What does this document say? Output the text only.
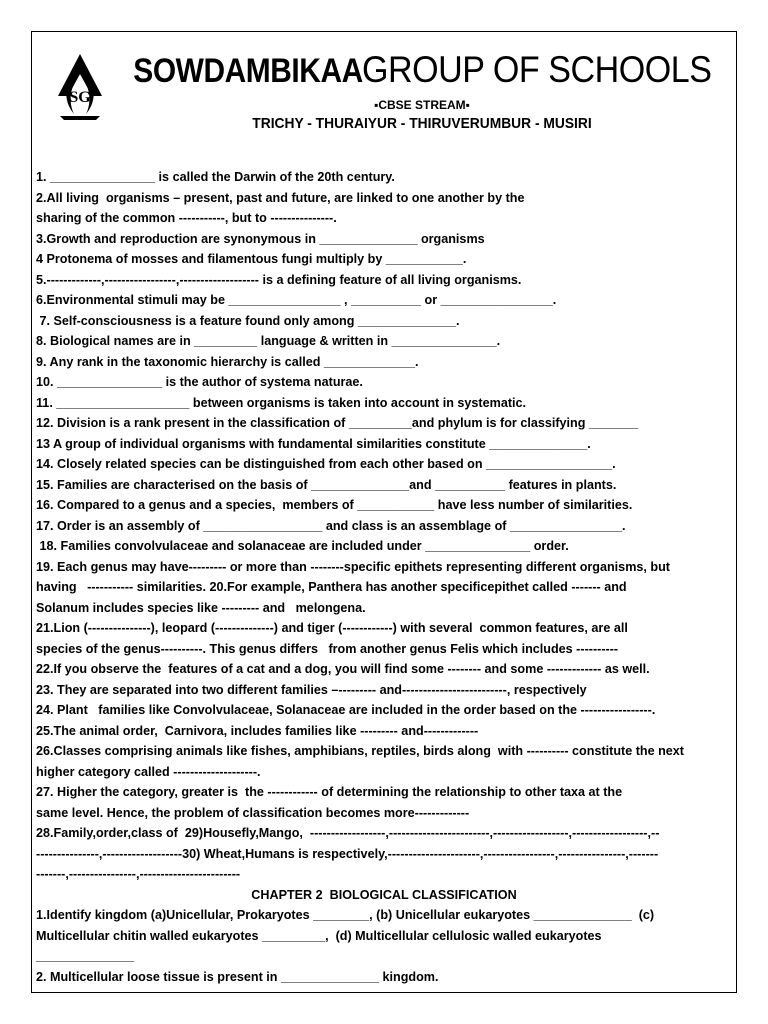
SG
SOWDAMBIKAAGROUP OF SCHOOLS
▪CBSE STREAM▪
TRICHY - THURAIYUR - THIRUVERUMBUR - MUSIRI
1. _______________ is called the Darwin of the 20th century.
2.All living  organisms – present, past and future, are linked to one another by the
sharing of the common -----------, but to ---------------.
3.Growth and reproduction are synonymous in ______________ organisms
4 Protonema of mosses and filamentous fungi multiply by ___________.
5.-------------,-----------------,------------------- is a defining feature of all living organisms.
6.Environmental stimuli may be ________________ , __________ or ________________.
7. Self-consciousness is a feature found only among ______________.
8. Biological names are in _________ language & written in _______________.
9. Any rank in the taxonomic hierarchy is called _____________.
10. _______________ is the author of systema naturae.
11. ___________________ between organisms is taken into account in systematic.
12. Division is a rank present in the classification of _________and phylum is for classifying _______
13 A group of individual organisms with fundamental similarities constitute ______________.
14. Closely related species can be distinguished from each other based on __________________.
15. Families are characterised on the basis of ______________and __________ features in plants.
16. Compared to a genus and a species,  members of ___________ have less number of similarities.
17. Order is an assembly of _________________ and class is an assemblage of ________________.
18. Families convolvulaceae and solanaceae are included under _______________ order.
19. Each genus may have--------- or more than --------specific epithets representing different organisms, but
having   ----------- similarities. 20.For example, Panthera has another specificepithet called ------- and
Solanum includes species like --------- and   melongena.
21.Lion (---------------), leopard (--------------) and tiger (------------) with several  common features, are all
species of the genus----------. This genus differs   from another genus Felis which includes ----------
22.If you observe the  features of a cat and a dog, you will find some -------- and some ------------- as well.
23. They are separated into two different families –--------- and-------------------------, respectively
24. Plant   families like Convolvulaceae, Solanaceae are included in the order based on the -----------------.
25.The animal order,  Carnivora, includes families like --------- and-------------
26.Classes comprising animals like fishes, amphibians, reptiles, birds along  with ---------- constitute the next
higher category called --------------------.
27. Higher the category, greater is  the ------------ of determining the relationship to other taxa at the
same level. Hence, the problem of classification becomes more-------------
28.Family,order,class of  29)Housefly,Mango,  ------------------,------------------------,------------------,------------------,--
---------------,-------------------30) Wheat,Humans is respectively,----------------------,-----------------,----------------,-------
-------,----------------,------------------------
CHAPTER 2  BIOLOGICAL CLASSIFICATION
1.Identify kingdom (a)Unicellular, Prokaryotes ________, (b) Unicellular eukaryotes ______________  (c)
Multicellular chitin walled eukaryotes _________,  (d) Multicellular cellulosic walled eukaryotes
______________
2. Multicellular loose tissue is present in ______________ kingdom.
